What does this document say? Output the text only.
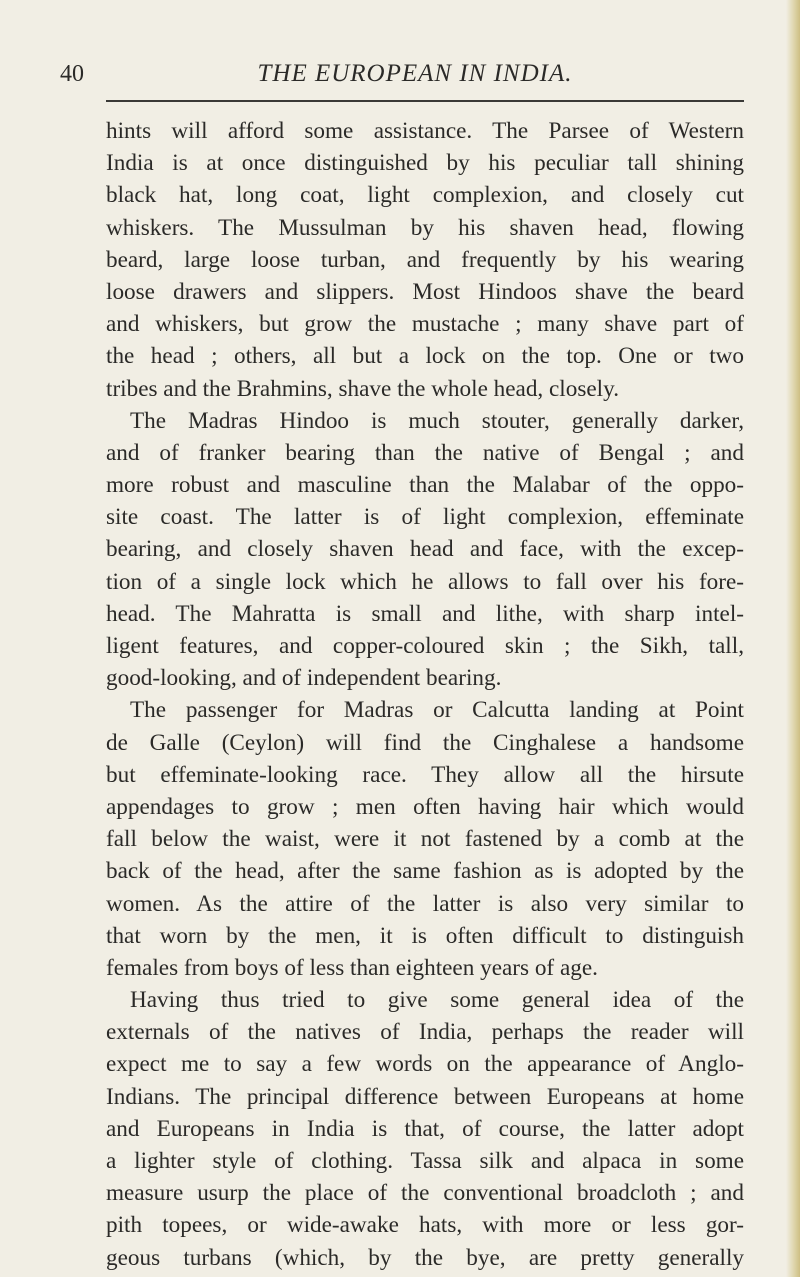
40	THE EUROPEAN IN INDIA.
hints will afford some assistance. The Parsee of Western
India is at once distinguished by his peculiar tall shining
black hat, long coat, light complexion, and closely cut
whiskers. The Mussulman by his shaven head, flowing
beard, large loose turban, and frequently by his wearing
loose drawers and slippers. Most Hindoos shave the beard
and whiskers, but grow the mustache ; many shave part of
the head ; others, all but a lock on the top. One or two
tribes and the Brahmins, shave the whole head, closely.
The Madras Hindoo is much stouter, generally darker,
and of franker bearing than the native of Bengal ; and
more robust and masculine than the Malabar of the oppo-
site coast. The latter is of light complexion, effeminate
bearing, and closely shaven head and face, with the excep-
tion of a single lock which he allows to fall over his fore-
head. The Mahratta is small and lithe, with sharp intel-
ligent features, and copper-coloured skin ; the Sikh, tall,
good-looking, and of independent bearing.
The passenger for Madras or Calcutta landing at Point
de Galle (Ceylon) will find the Cinghalese a handsome
but effeminate-looking race. They allow all the hirsute
appendages to grow ; men often having hair which would
fall below the waist, were it not fastened by a comb at the
back of the head, after the same fashion as is adopted by the
women. As the attire of the latter is also very similar to
that worn by the men, it is often difficult to distinguish
females from boys of less than eighteen years of age.
Having thus tried to give some general idea of the
externals of the natives of India, perhaps the reader will
expect me to say a few words on the appearance of Anglo-
Indians. The principal difference between Europeans at home
and Europeans in India is that, of course, the latter adopt
a lighter style of clothing. Tassa silk and alpaca in some
measure usurp the place of the conventional broadcloth ; and
pith topees, or wide-awake hats, with more or less gor-
geous turbans (which, by the bye, are pretty generally
